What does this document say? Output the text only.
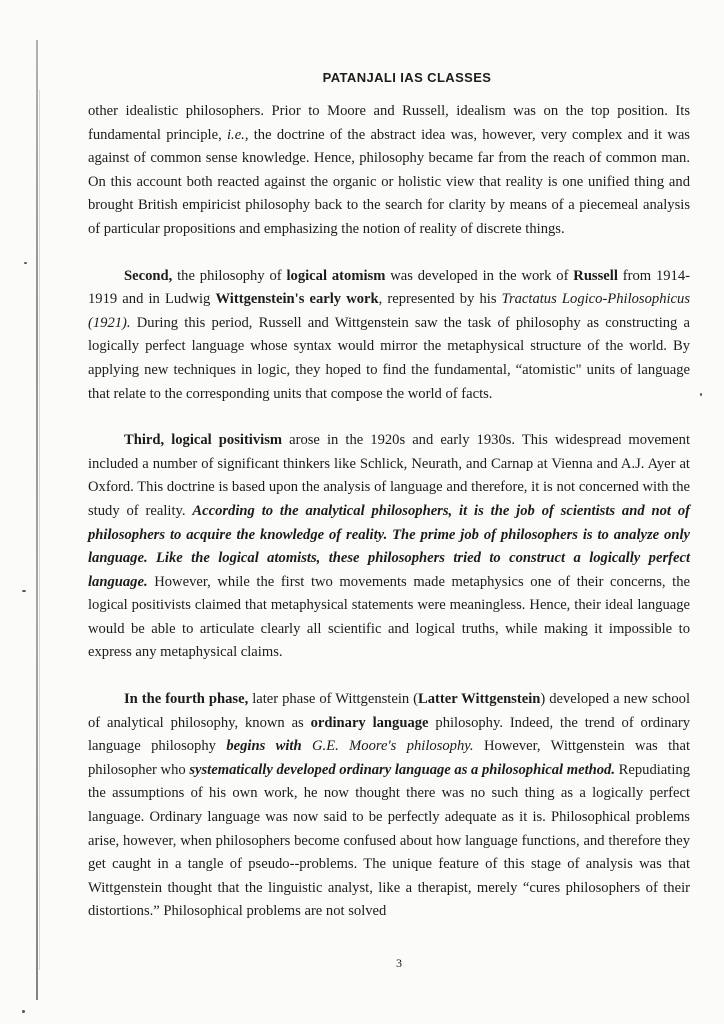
PATANJALI IAS CLASSES

other idealistic philosophers. Prior to Moore and Russell, idealism was on the top position. Its fundamental principle, i.e., the doctrine of the abstract idea was, however, very complex and it was against of common sense knowledge. Hence, philosophy became far from the reach of common man. On this account both reacted against the organic or holistic view that reality is one unified thing and brought British empiricist philosophy back to the search for clarity by means of a piecemeal analysis of particular propositions and emphasizing the notion of reality of discrete things.

Second, the philosophy of logical atomism was developed in the work of Russell from 1914-1919 and in Ludwig Wittgenstein's early work, represented by his Tractatus Logico-Philosophicus (1921). During this period, Russell and Wittgenstein saw the task of philosophy as constructing a logically perfect language whose syntax would mirror the metaphysical structure of the world. By applying new techniques in logic, they hoped to find the fundamental, “atomistic" units of language that relate to the corresponding units that compose the world of facts.

Third, logical positivism arose in the 1920s and early 1930s. This widespread movement included a number of significant thinkers like Schlick, Neurath, and Carnap at Vienna and A.J. Ayer at Oxford. This doctrine is based upon the analysis of language and therefore, it is not concerned with the study of reality. According to the analytical philosophers, it is the job of scientists and not of philosophers to acquire the knowledge of reality. The prime job of philosophers is to analyze only language. Like the logical atomists, these philosophers tried to construct a logically perfect language. However, while the first two movements made metaphysics one of their concerns, the logical positivists claimed that metaphysical statements were meaningless. Hence, their ideal language would be able to articulate clearly all scientific and logical truths, while making it impossible to express any metaphysical claims.

In the fourth phase, later phase of Wittgenstein (Latter Wittgenstein) developed a new school of analytical philosophy, known as ordinary language philosophy. Indeed, the trend of ordinary language philosophy begins with G.E. Moore's philosophy. However, Wittgenstein was that philosopher who systematically developed ordinary language as a philosophical method. Repudiating the assumptions of his own work, he now thought there was no such thing as a logically perfect language. Ordinary language was now said to be perfectly adequate as it is. Philosophical problems arise, however, when philosophers become confused about how language functions, and therefore they get caught in a tangle of pseudo--problems. The unique feature of this stage of analysis was that Wittgenstein thought that the linguistic analyst, like a therapist, merely “cures philosophers of their distortions.” Philosophical problems are not solved

3
